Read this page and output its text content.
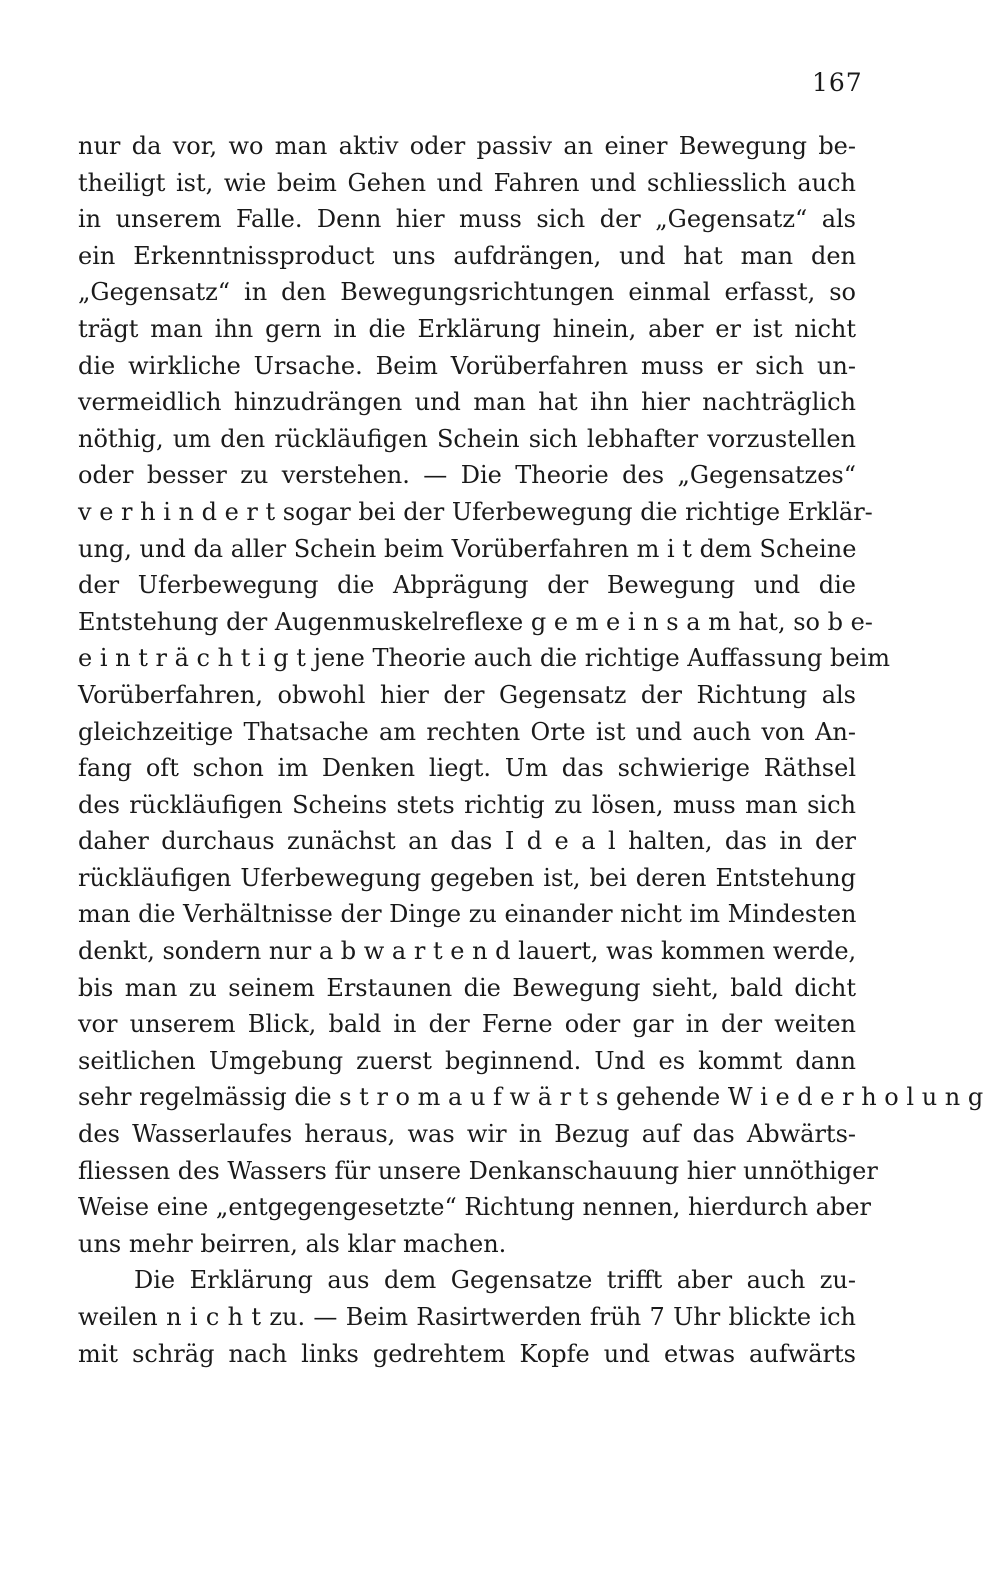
167
nur da vor, wo man aktiv oder passiv an einer Bewegung be-
theiligt ist, wie beim Gehen und Fahren und schliesslich auch
in unserem Falle. Denn hier muss sich der „Gegensatz“ als
ein Erkenntnissproduct uns aufdrängen, und hat man den
„Gegensatz“ in den Bewegungsrichtungen einmal erfasst, so
trägt man ihn gern in die Erklärung hinein, aber er ist nicht
die wirkliche Ursache. Beim Vorüberfahren muss er sich un-
vermeidlich hinzudrängen und man hat ihn hier nachträglich
nöthig, um den rückläufigen Schein sich lebhafter vorzustellen
oder besser zu verstehen. — Die Theorie des „Gegensatzes“
v e r h i n d e r t sogar bei der Uferbewegung die richtige Erklär-
ung, und da aller Schein beim Vorüberfahren m i t dem Scheine
der Uferbewegung die Abprägung der Bewegung und die
Entstehung der Augenmuskelreflexe g e m e i n s a m hat, so b e-
e i n t r ä c h t i g t jene Theorie auch die richtige Auffassung beim
Vorüberfahren, obwohl hier der Gegensatz der Richtung als
gleichzeitige Thatsache am rechten Orte ist und auch von An-
fang oft schon im Denken liegt. Um das schwierige Räthsel
des rückläufigen Scheins stets richtig zu lösen, muss man sich
daher durchaus zunächst an das I d e a l halten, das in der
rückläufigen Uferbewegung gegeben ist, bei deren Entstehung
man die Verhältnisse der Dinge zu einander nicht im Mindesten
denkt, sondern nur a b w a r t e n d lauert, was kommen werde,
bis man zu seinem Erstaunen die Bewegung sieht, bald dicht
vor unserem Blick, bald in der Ferne oder gar in der weiten
seitlichen Umgebung zuerst beginnend. Und es kommt dann
sehr regelmässig die s t r o m a u f w ä r t s gehende W i e d e r h o l u n g
des Wasserlaufes heraus, was wir in Bezug auf das Abwärts-
fliessen des Wassers für unsere Denkanschauung hier unnöthiger
Weise eine „entgegengesetzte“ Richtung nennen, hierdurch aber
uns mehr beirren, als klar machen.
Die Erklärung aus dem Gegensatze trifft aber auch zu-
weilen n i c h t zu. — Beim Rasirtwerden früh 7 Uhr blickte ich
mit schräg nach links gedrehtem Kopfe und etwas aufwärts
